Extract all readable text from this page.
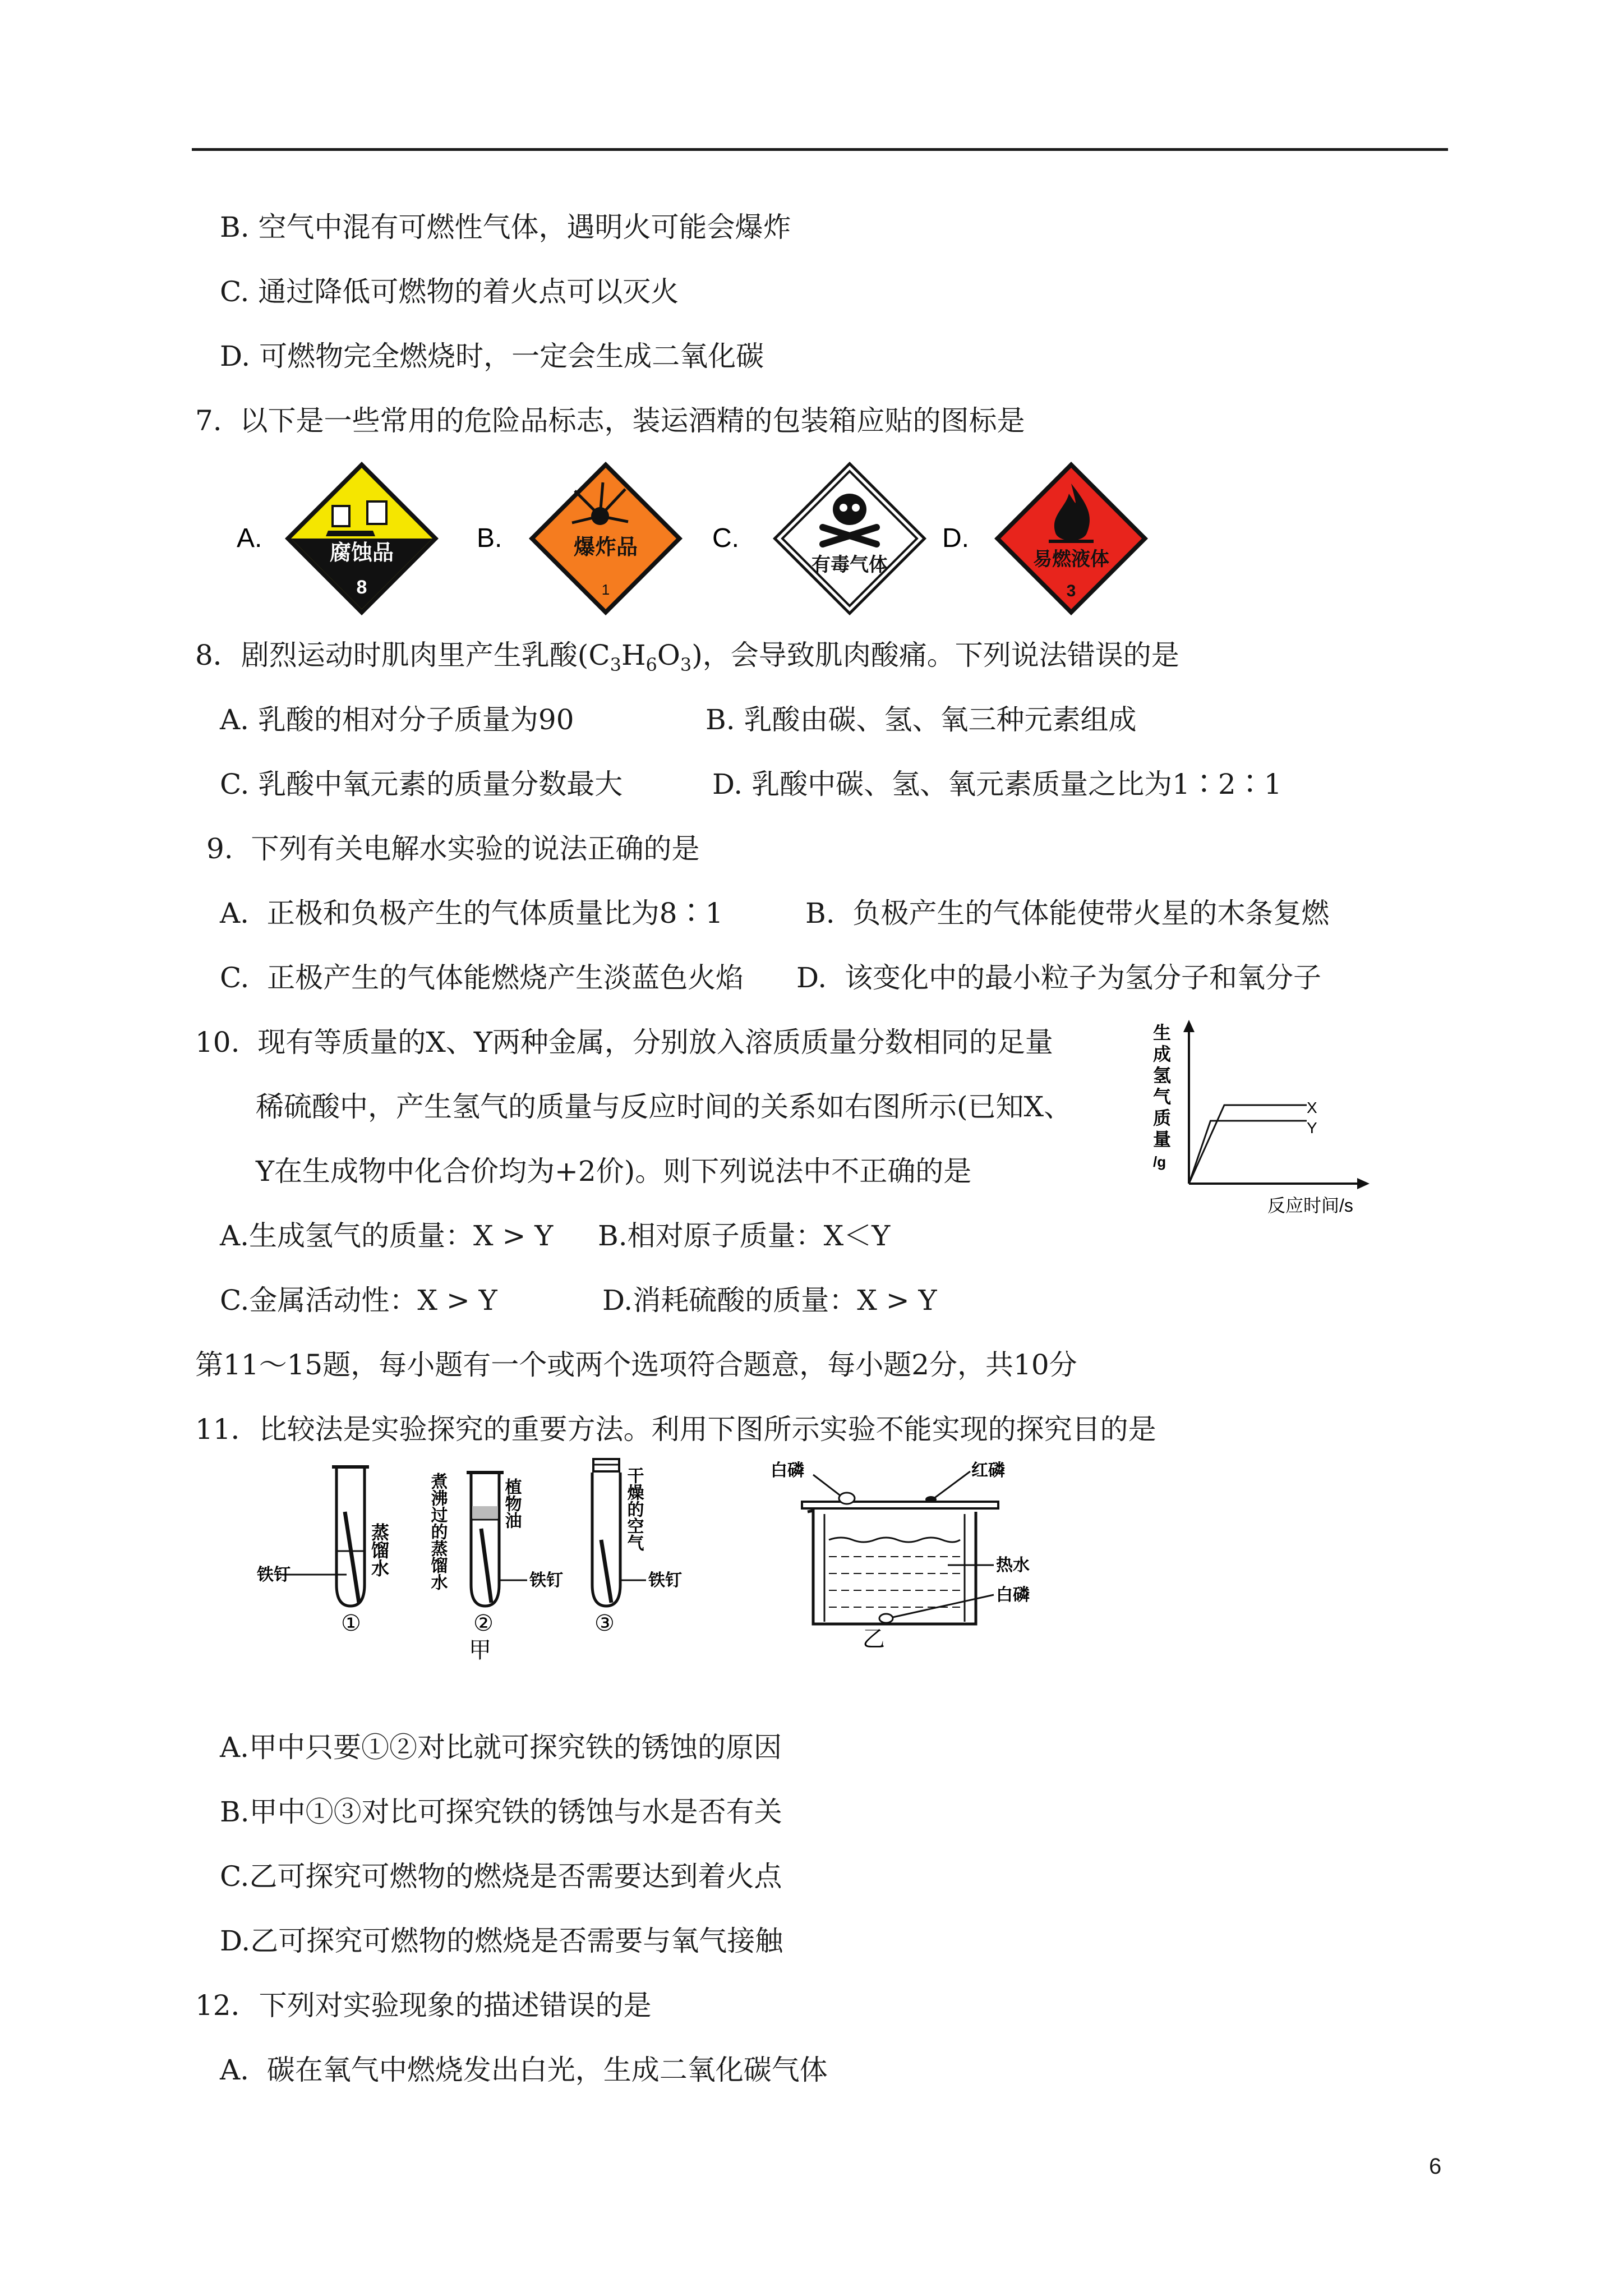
B. 空气中混有可燃性气体，遇明火可能会爆炸
C. 通过降低可燃物的着火点可以灭火
D. 可燃物完全燃烧时，一定会生成二氧化碳
7.  以下是一些常用的危险品标志，装运酒精的包装箱应贴的图标是
A.	腐蚀品
8
B.	爆炸品
1
C.
有毒气体
D.
易燃液体
3
8．剧烈运动时肌肉里产生乳酸$(C_3H_6O_3)$，会导致肌肉酸痛。下列说法错误的是
A. 乳酸的相对分子质量为90	B. 乳酸由碳、氢、氧三种元素组成
C. 乳酸中氧元素的质量分数最大	D. 乳酸中碳、氢、氧元素质量之比为1∶2∶1
9.  下列有关电解水实验的说法正确的是
A.  正极和负极产生的气体质量比为8∶1	B.  负极产生的气体能使带火星的木条复燃
C.  正极产生的气体能燃烧产生淡蓝色火焰 D.  该变化中的最小粒子为氢分子和氧分子
10.  现有等质量的X、Y两种金属，分别放入溶质质量分数相同的足量
稀硫酸中，产生氢气的质量与反应时间的关系如右图所示(已知X、
Y在生成物中化合价均为+2价)。则下列说法中不正确的是
A.生成氢气的质量：X > Y B.相对原子质量：X＜Y
C.金属活动性：X > Y	D.消耗硫酸的质量：X > Y
生
成
氢
气
质
量
/g
X
Y
反应时间/s
第11～15题，每小题有一个或两个选项符合题意，每小题2分，共10分
11．比较法是实验探究的重要方法。利用下图所示实验不能实现的探究目的是
蒸馏水
铁钉
①
煮沸过的蒸馏水	植物油
铁钉
②
甲
干燥的空气
铁钉
③
白磷	红磷
热水
白磷
乙
A.甲中只要①②对比就可探究铁的锈蚀的原因
B.甲中①③对比可探究铁的锈蚀与水是否有关
C.乙可探究可燃物的燃烧是否需要达到着火点
D.乙可探究可燃物的燃烧是否需要与氧气接触
12．下列对实验现象的描述错误的是
A.  碳在氧气中燃烧发出白光，生成二氧化碳气体
6
